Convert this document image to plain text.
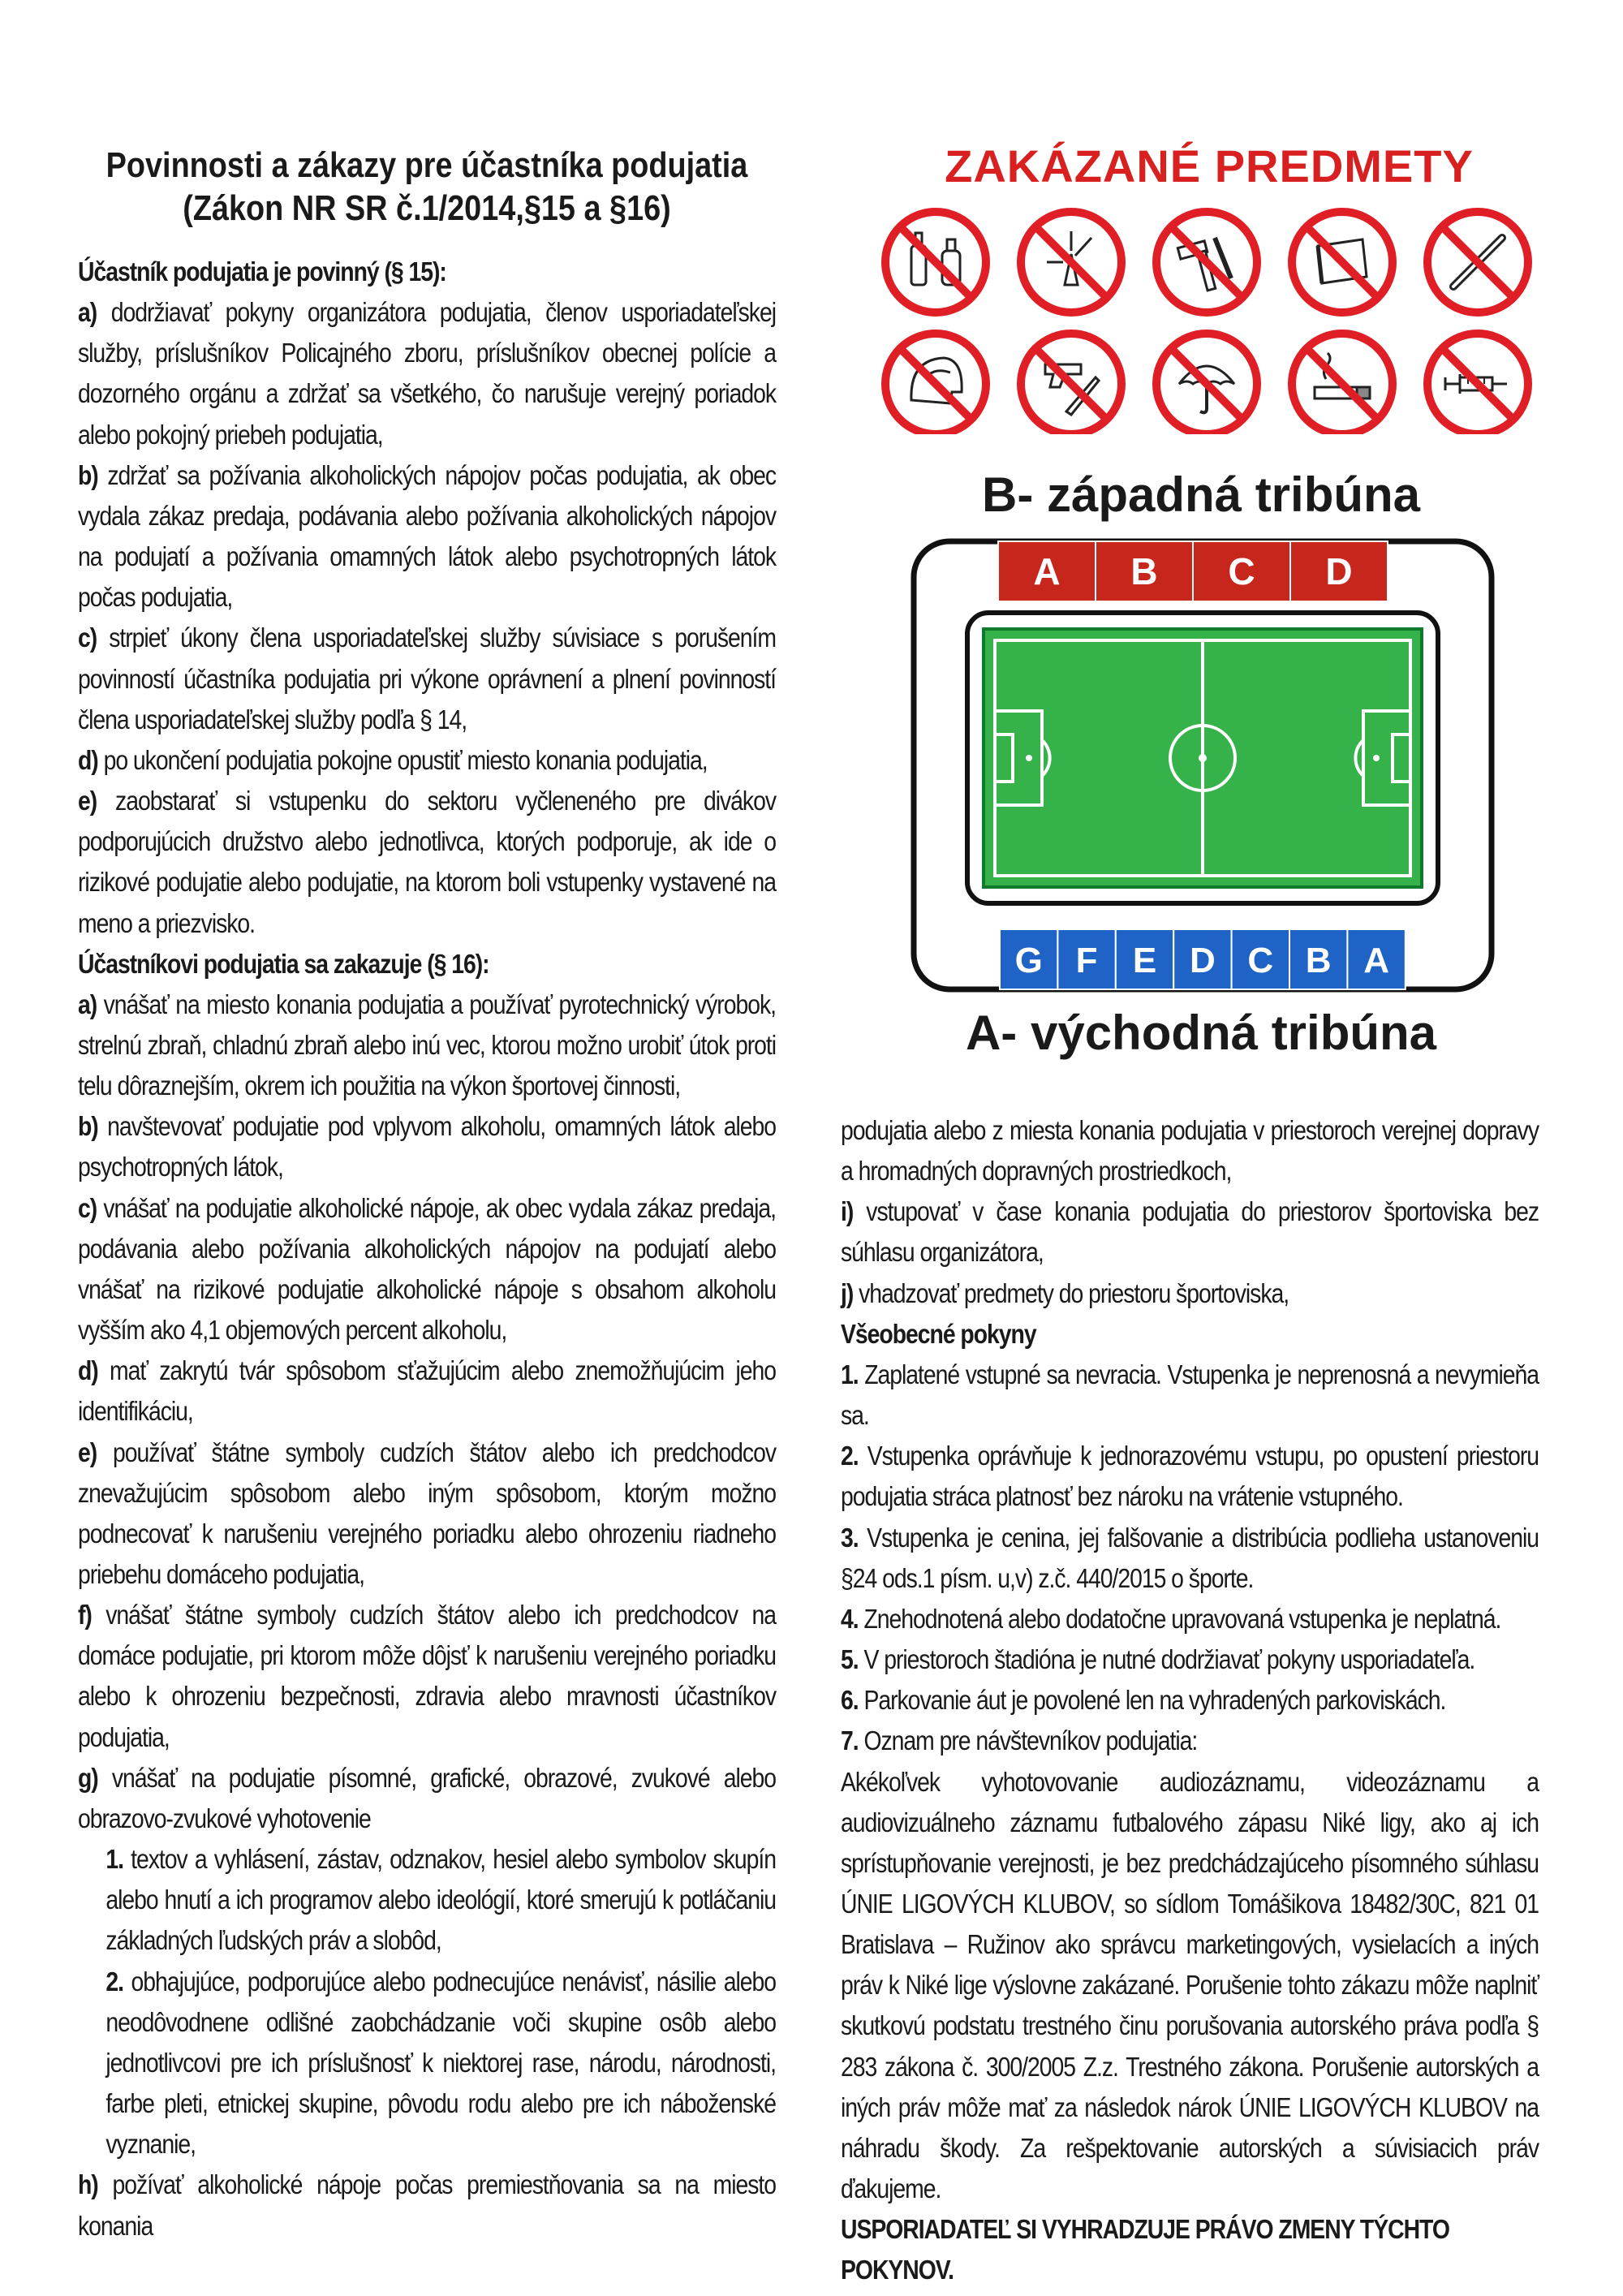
Povinnosti a zákazy pre účastníka podujatia
(Zákon NR SR č.1/2014,§15 a §16)

Účastník podujatia je povinný (§ 15):

a) dodržiavať pokyny organizátora podujatia, členov usporiadateľskej služby, príslušníkov Policajného zboru, príslušníkov obecnej polície a dozorného orgánu a zdržať sa všetkého, čo narušuje verejný poriadok alebo pokojný priebeh podujatia,

b) zdržať sa požívania alkoholických nápojov počas podujatia, ak obec vydala zákaz predaja, podávania alebo požívania alkoholických nápojov na podujatí a požívania omamných látok alebo psychotropných látok počas podujatia,

c) strpieť úkony člena usporiadateľskej služby súvisiace s porušením povinností účastníka podujatia pri výkone oprávnení a plnení povinností člena usporiadateľskej služby podľa § 14,

d) po ukončení podujatia pokojne opustiť miesto konania podujatia,

e) zaobstarať si vstupenku do sektoru vyčleneného pre divákov podporujúcich družstvo alebo jednotlivca, ktorých podporuje, ak ide o rizikové podujatie alebo podujatie, na ktorom boli vstupenky vystavené na meno a priezvisko.

Účastníkovi podujatia sa zakazuje (§ 16):

a) vnášať na miesto konania podujatia a používať pyrotechnický výrobok, strelnú zbraň, chladnú zbraň alebo inú vec, ktorou možno urobiť útok proti telu dôraznejším, okrem ich použitia na výkon športovej činnosti,

b) navštevovať podujatie pod vplyvom alkoholu, omamných látok alebo psychotropných látok,

c) vnášať na podujatie alkoholické nápoje, ak obec vydala zákaz predaja, podávania alebo požívania alkoholických nápojov na podujatí alebo vnášať na rizikové podujatie alkoholické nápoje s obsahom alkoholu vyšším ako 4,1 objemových percent alkoholu,

d) mať zakrytú tvár spôsobom sťažujúcim alebo znemožňujúcim jeho identifikáciu,

e) používať štátne symboly cudzích štátov alebo ich predchodcov znevažujúcim spôsobom alebo iným spôsobom, ktorým možno podnecovať k narušeniu verejného poriadku alebo ohrozeniu riadneho priebehu domáceho podujatia,

f) vnášať štátne symboly cudzích štátov alebo ich predchodcov na domáce podujatie, pri ktorom môže dôjsť k narušeniu verejného poriadku alebo k ohrozeniu bezpečnosti, zdravia alebo mravnosti účastníkov podujatia,

g) vnášať na podujatie písomné, grafické, obrazové, zvukové alebo obrazovo-zvukové vyhotovenie

1. textov a vyhlásení, zástav, odznakov, hesiel alebo symbolov skupín alebo hnutí a ich programov alebo ideológií, ktoré smerujú k potláčaniu základných ľudských práv a slobôd,

2. obhajujúce, podporujúce alebo podnecujúce nenávisť, násilie alebo neodôvodnene odlišné zaobchádzanie voči skupine osôb alebo jednotlivcovi pre ich príslušnosť k niektorej rase, národu, národnosti, farbe pleti, etnickej skupine, pôvodu rodu alebo pre ich náboženské vyznanie,

h) požívať alkoholické nápoje počas premiestňovania sa na miesto konania

podujatia alebo z miesta konania podujatia v priestoroch verejnej dopravy a hromadných dopravných prostriedkoch,

i) vstupovať v čase konania podujatia do priestorov športoviska bez súhlasu organizátora,

j) vhadzovať predmety do priestoru športoviska,

Všeobecné pokyny

1. Zaplatené vstupné sa nevracia. Vstupenka je neprenosná a nevymieňa sa.

2. Vstupenka oprávňuje k jednorazovému vstupu, po opustení priestoru podujatia stráca platnosť bez nároku na vrátenie vstupného.

3. Vstupenka je cenina, jej falšovanie a distribúcia podlieha ustanoveniu §24 ods.1 písm. u,v) z.č. 440/2015 o športe.

4. Znehodnotená alebo dodatočne upravovaná vstupenka je neplatná.

5. V priestoroch štadióna je nutné dodržiavať pokyny usporiadateľa.

6. Parkovanie áut je povolené len na vyhradených parkoviskách.

7. Oznam pre návštevníkov podujatia:

Akékoľvek vyhotovovanie audiozáznamu, videozáznamu a audiovizuálneho záznamu futbalového zápasu Niké ligy, ako aj ich sprístupňovanie verejnosti, je bez predchádzajúceho písomného súhlasu ÚNIE LIGOVÝCH KLUBOV, so sídlom Tomášikova 18482/30C, 821 01 Bratislava – Ružinov ako správcu marketingových, vysielacích a iných práv k Niké lige výslovne zakázané. Porušenie tohto zákazu môže naplniť skutkovú podstatu trestného činu porušovania autorského práva podľa § 283 zákona č. 300/2005 Z.z. Trestného zákona. Porušenie autorských a iných práv môže mať za následok nárok ÚNIE LIGOVÝCH KLUBOV na náhradu škody. Za rešpektovanie autorských a súvisiacich práv ďakujeme.

USPORIADATEĽ SI VYHRADZUJE PRÁVO ZMENY TÝCHTO POKYNOV.

ZAKÁZANÉ PREDMETY
B- západná tribúna
A B C D
G F E D C B A
A- východná tribúna
